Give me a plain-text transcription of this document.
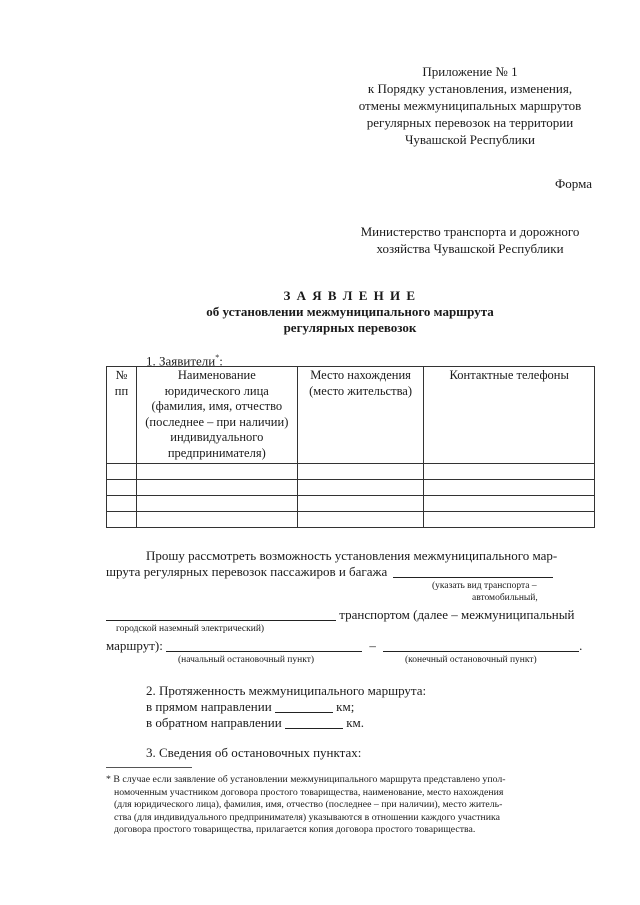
Приложение № 1
к Порядку установления, изменения,
отмены межмуниципальных маршрутов
регулярных перевозок на территории
Чувашской Республики
Форма
Министерство транспорта и дорожного
хозяйства Чувашской Республики
З А Я В Л Е Н И Е
об установлении межмуниципального маршрута
регулярных перевозок
1. Заявители*:
№ пп	Наименование юридического лица (фамилия, имя, отчество (последнее – при наличии) индивидуального предпринимателя)	Место нахождения (место жительства)	Контактные телефоны

Прошу рассмотреть возможность установления межмуниципального мар-
шрута регулярных перевозок пассажиров и багажа
(указать вид транспорта –
автомобильный,
транспортом (далее – межмуниципальный
городской наземный электрический)
маршрут):	–	.
(начальный остановочный пункт)	(конечный остановочный пункт)
2. Протяженность межмуниципального маршрута:
в прямом направлении	км;
в обратном направлении	км.
3. Сведения об остановочных пунктах:
* В случае если заявление об установлении межмуниципального маршрута представлено упол-
номоченным участником договора простого товарищества, наименование, место нахождения
(для юридического лица), фамилия, имя, отчество (последнее – при наличии), место житель-
ства (для индивидуального предпринимателя) указываются в отношении каждого участника
договора простого товарищества, прилагается копия договора простого товарищества.
